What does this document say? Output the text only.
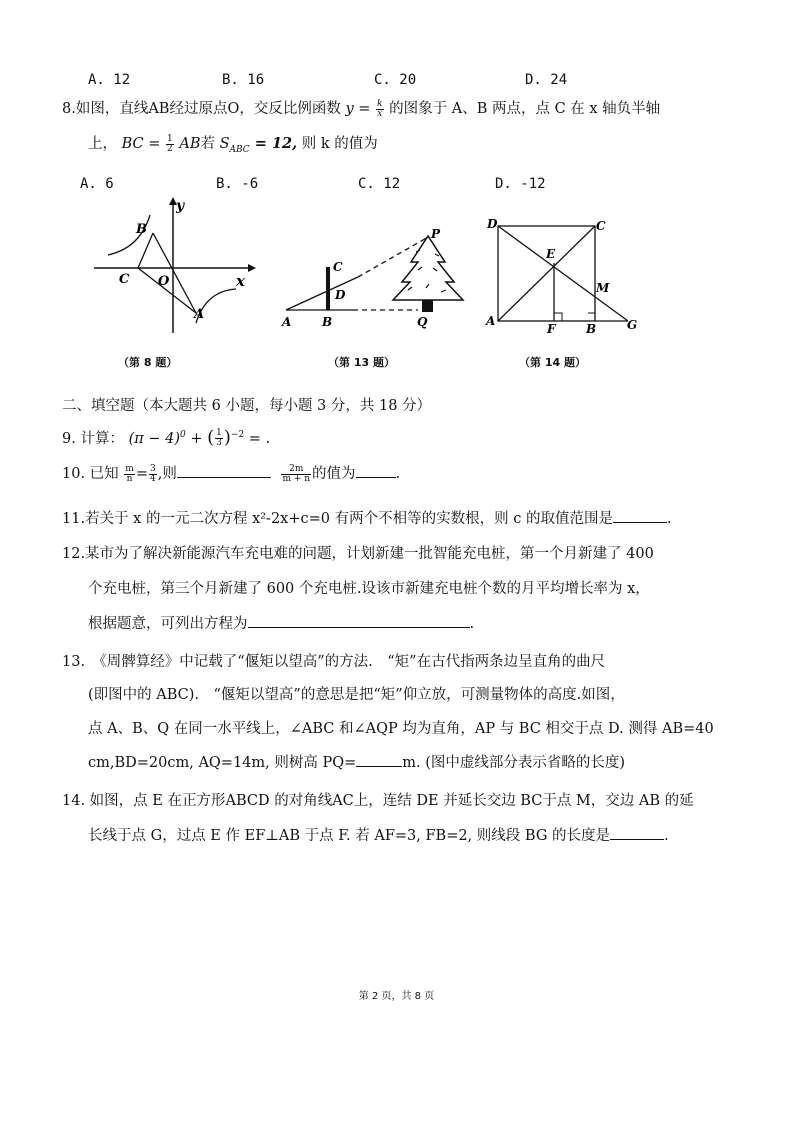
A. 12	B. 16	C. 20	D. 24
8.如图，直线AB经过原点O，交反比例函数 $y = \frac{k}{x}$ 的图象于 A、B 两点，点 C 在 x 轴负半轴
上， BC = $\frac{1}{2}$ AB若 $S_{ABC} = 12$, 则 k 的值为
A. 6	B. -6	C. 12	D. -12
y
x
B
C O
A
P
C
D
A	B	Q
D	C
E
M
A
F	B	G
（第 8 题）	（第 13 题）	（第 14 题）
二、填空题（本大题共 6 小题，每小题 3 分，共 18 分）
9. 计算： $(\pi - 4)^0$ + ( $\frac{1}{3} )^{-2}$ = .
10. 已知 $\frac{m}{n} = \frac{3}{4}$ ,则	$\frac{2m}{m + n}$ 的值为	.
11.若关于 x 的一元二次方程 x²-2x+c=0 有两个不相等的实数根，则 c 的取值范围是	.
12.某市为了解决新能源汽车充电难的问题，计划新建一批智能充电桩，第一个月新建了 400
个充电桩，第三个月新建了 600 个充电桩.设该市新建充电桩个数的月平均增长率为 x，
根据题意，可列出方程为	.
13.　《周髀算经》中记载了“偃矩以望高”的方法.　“矩”在古代指两条边呈直角的曲尺
(即图中的 ABC).　“偃矩以望高”的意思是把“矩”仰立放，可测量物体的高度.如图，
点 A、B、Q 在同一水平线上，∠ABC 和∠AQP 均为直角，AP 与 BC 相交于点 D. 测得 AB=40
cm,BD=20cm, AQ=14m, 则树高 PQ=	m. (图中虚线部分表示省略的长度)
14. 如图，点 E 在正方形ABCD 的对角线AC上，连结 DE 并延长交边 BC于点 M，交边 AB 的延
长线于点 G，过点 E 作 EF⊥AB 于点 F. 若 AF=3, FB=2, 则线段 BG 的长度是	.
第 2 页，共 8 页
